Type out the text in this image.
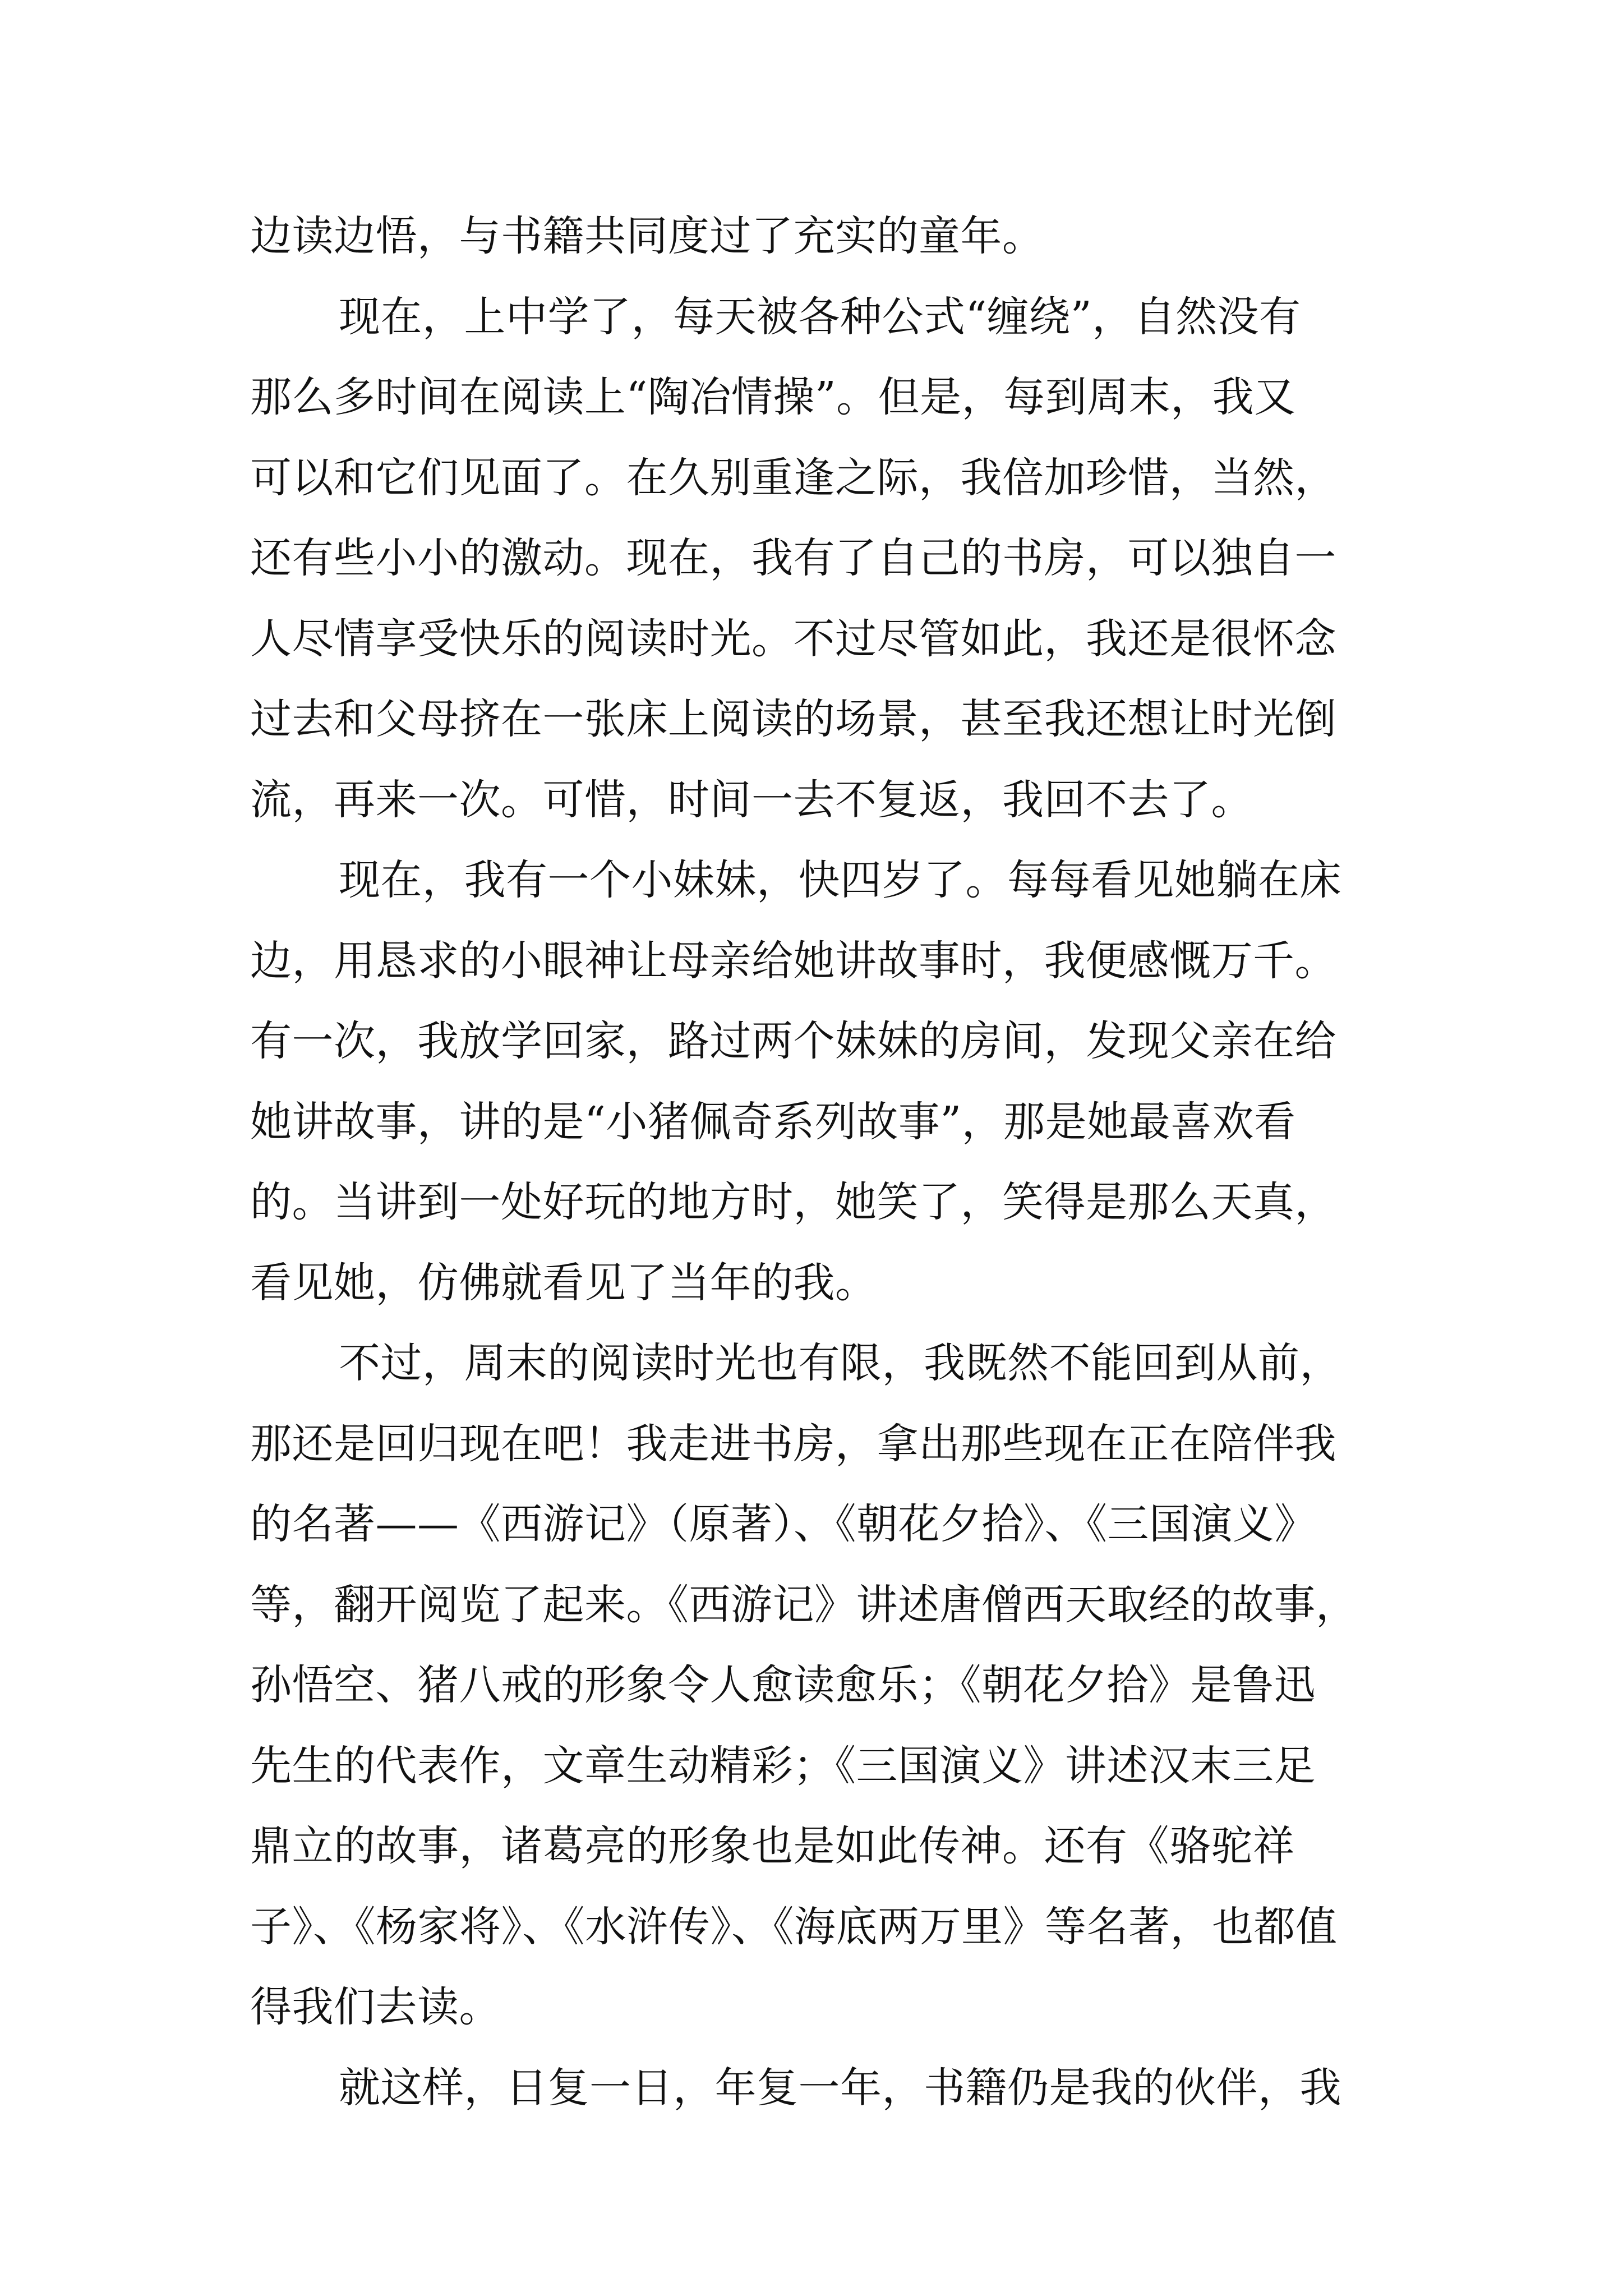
边读边悟，与书籍共同度过了充实的童年。
现在，上中学了，每天被各种公式“缠绕”，自然没有
那么多时间在阅读上“陶冶情操”。但是，每到周末，我又
可以和它们见面了。在久别重逢之际，我倍加珍惜，当然，
还有些小小的激动。现在，我有了自己的书房，可以独自一
人尽情享受快乐的阅读时光。不过尽管如此，我还是很怀念
过去和父母挤在一张床上阅读的场景，甚至我还想让时光倒
流，再来一次。可惜，时间一去不复返，我回不去了。
现在，我有一个小妹妹，快四岁了。每每看见她躺在床
边，用恳求的小眼神让母亲给她讲故事时，我便感慨万千。
有一次，我放学回家，路过两个妹妹的房间，发现父亲在给
她讲故事，讲的是“小猪佩奇系列故事”，那是她最喜欢看
的。当讲到一处好玩的地方时，她笑了，笑得是那么天真，
看见她，仿佛就看见了当年的我。
不过，周末的阅读时光也有限，我既然不能回到从前，
那还是回归现在吧！我走进书房，拿出那些现在正在陪伴我
的名著——《西游记》（原著）、《朝花夕拾》、《三国演义》
等，翻开阅览了起来。《西游记》讲述唐僧西天取经的故事，
孙悟空、猪八戒的形象令人愈读愈乐；《朝花夕拾》是鲁迅
先生的代表作，文章生动精彩；《三国演义》讲述汉末三足
鼎立的故事，诸葛亮的形象也是如此传神。还有《骆驼祥
子》、《杨家将》、《水浒传》、《海底两万里》等名著，也都值
得我们去读。
就这样，日复一日，年复一年，书籍仍是我的伙伴，我
